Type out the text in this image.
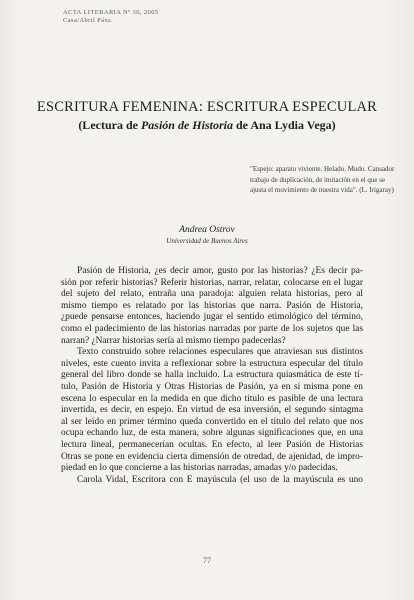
ACTA LITERARIA Nº 30, 2005
Casa/Abril Páxs.
ESCRITURA FEMENINA: ESCRITURA ESPECULAR
(Lectura de Pasión de Historia de Ana Lydia Vega)
"Espejo: aparato viviente. Helado. Mudo. Cansador
trabajo de duplicación, de imitación en el que se
ajusta el movimiento de nuestra vida". (L. Irigaray)
Andrea Ostrov
Universidad de Buenos Aires
Pasión de Historia, ¿es decir amor, gusto por las historias? ¿Es decir pa-
sión por referir historias? Referir historias, narrar, relatar, colocarse en el lugar
del sujeto del relato, entraña una paradoja: alguien relata historias, pero al
mismo tiempo es relatado por las historias que narra. Pasión de Historia,
¿puede pensarse entonces, haciendo jugar el sentido etimológico del término,
como el padecimiento de las historias narradas por parte de los sujetos que las
narran? ¿Narrar historias sería al mismo tiempo padecerlas?
Texto construido sobre relaciones especulares que atraviesan sus distintos
niveles, este cuento invita a reflexionar sobre la estructura especular del título
general del libro donde se halla incluido. La estructura quiasmática de este tí-
tulo, Pasión de Historia y Otras Historias de Pasión, ya en sí misma pone en
escena lo especular en la medida en que dicho título es pasible de una lectura
invertida, es decir, en espejo. En virtud de esa inversión, el segundo sintagma
al ser leído en primer término queda convertido en el título del relato que nos
ocupa echando luz, de esta manera, sobre algunas significaciones que, en una
lectura lineal, permanecerían ocultas. En efecto, al leer Pasión de Historias
Otras se pone en evidencia cierta dimensión de otredad, de ajenidad, de impro-
piedad en lo que concierne a las historias narradas, amadas y/o padecidas.
Carola Vidal, Escritora con E mayúscula (el uso de la mayúscula es uno
77
